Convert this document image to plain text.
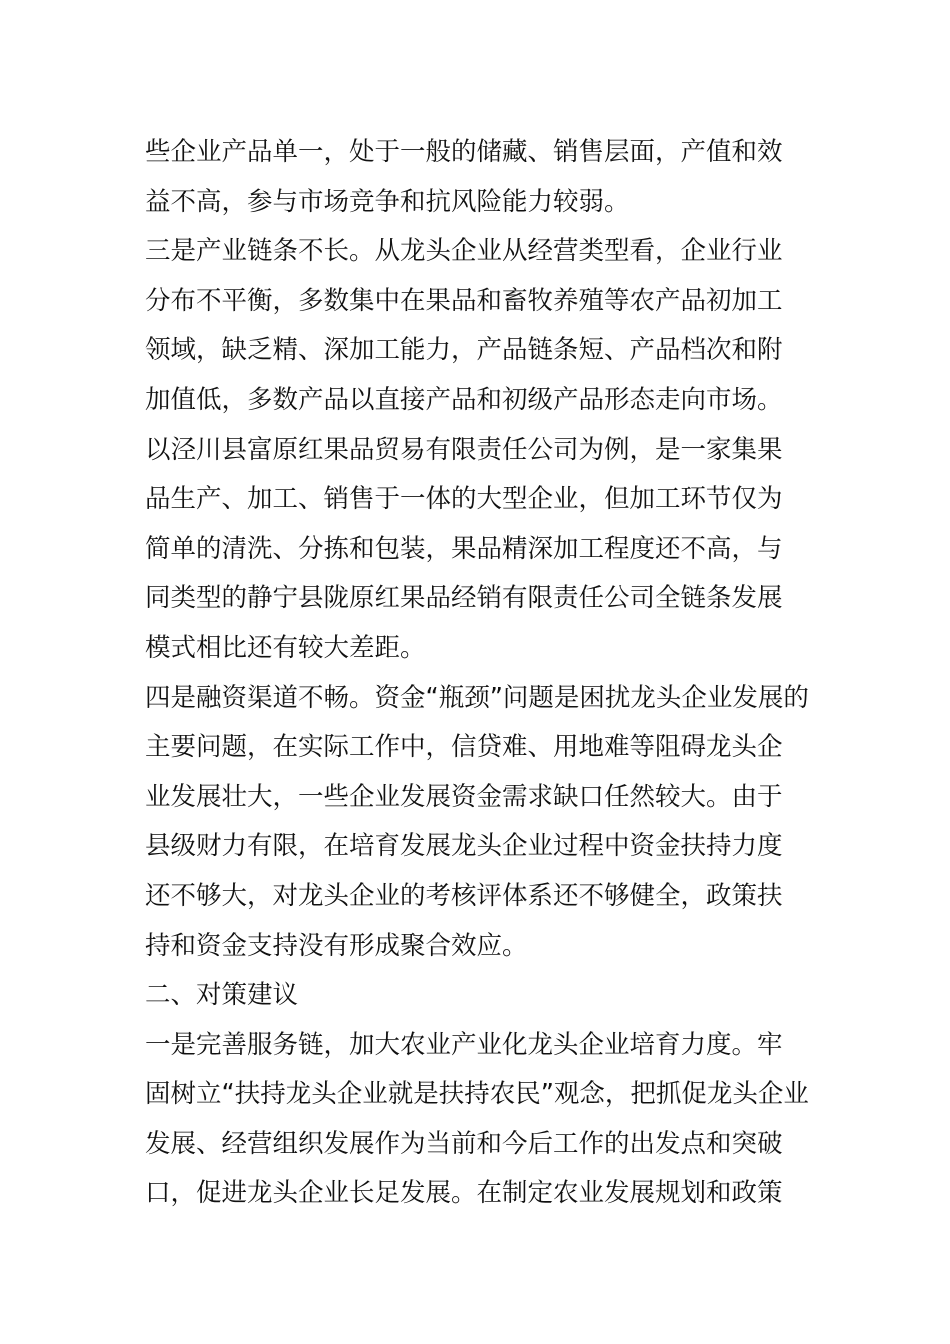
些企业产品单一，处于一般的储藏、销售层面，产值和效
益不高，参与市场竞争和抗风险能力较弱。
三是产业链条不长。从龙头企业从经营类型看，企业行业
分布不平衡，多数集中在果品和畜牧养殖等农产品初加工
领域，缺乏精、深加工能力，产品链条短、产品档次和附
加值低，多数产品以直接产品和初级产品形态走向市场。
以泾川县富原红果品贸易有限责任公司为例，是一家集果
品生产、加工、销售于一体的大型企业，但加工环节仅为
简单的清洗、分拣和包装，果品精深加工程度还不高，与
同类型的静宁县陇原红果品经销有限责任公司全链条发展
模式相比还有较大差距。
四是融资渠道不畅。资金“瓶颈”问题是困扰龙头企业发展的
主要问题，在实际工作中，信贷难、用地难等阻碍龙头企
业发展壮大，一些企业发展资金需求缺口任然较大。由于
县级财力有限，在培育发展龙头企业过程中资金扶持力度
还不够大，对龙头企业的考核评体系还不够健全，政策扶
持和资金支持没有形成聚合效应。
二、对策建议
一是完善服务链，加大农业产业化龙头企业培育力度。牢
固树立“扶持龙头企业就是扶持农民”观念，把抓促龙头企业
发展、经营组织发展作为当前和今后工作的出发点和突破
口，促进龙头企业长足发展。在制定农业发展规划和政策
